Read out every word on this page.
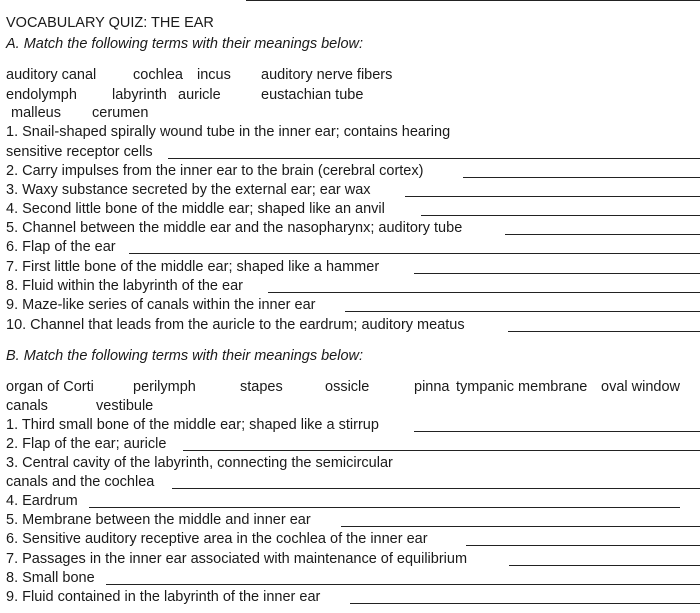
VOCABULARY QUIZ: THE EAR
A. Match the following terms with their meanings below:
auditory canal	cochlea incus auditory nerve fibers
endolymph labyrinth auricle	eustachian tube
malleus cerumen
1. Snail-shaped spirally wound tube in the inner ear; contains hearing
sensitive receptor cells
2. Carry impulses from the inner ear to the brain (cerebral cortex)
3. Waxy substance secreted by the external ear; ear wax
4. Second little bone of the middle ear; shaped like an anvil
5. Channel between the middle ear and the nasopharynx; auditory tube
6. Flap of the ear
7. First little bone of the middle ear; shaped like a hammer
8. Fluid within the labyrinth of the ear
9. Maze-like series of canals within the inner ear
10. Channel that leads from the auricle to the eardrum; auditory meatus
B. Match the following terms with their meanings below:
organ of Corti	perilymph	stapes	ossicle	pinna tympanic membrane oval window
canals	vestibule
1. Third small bone of the middle ear; shaped like a stirrup
2. Flap of the ear; auricle
3. Central cavity of the labyrinth, connecting the semicircular
canals and the cochlea
4. Eardrum
5. Membrane between the middle and inner ear
6. Sensitive auditory receptive area in the cochlea of the inner ear
7. Passages in the inner ear associated with maintenance of equilibrium
8. Small bone
9. Fluid contained in the labyrinth of the inner ear
